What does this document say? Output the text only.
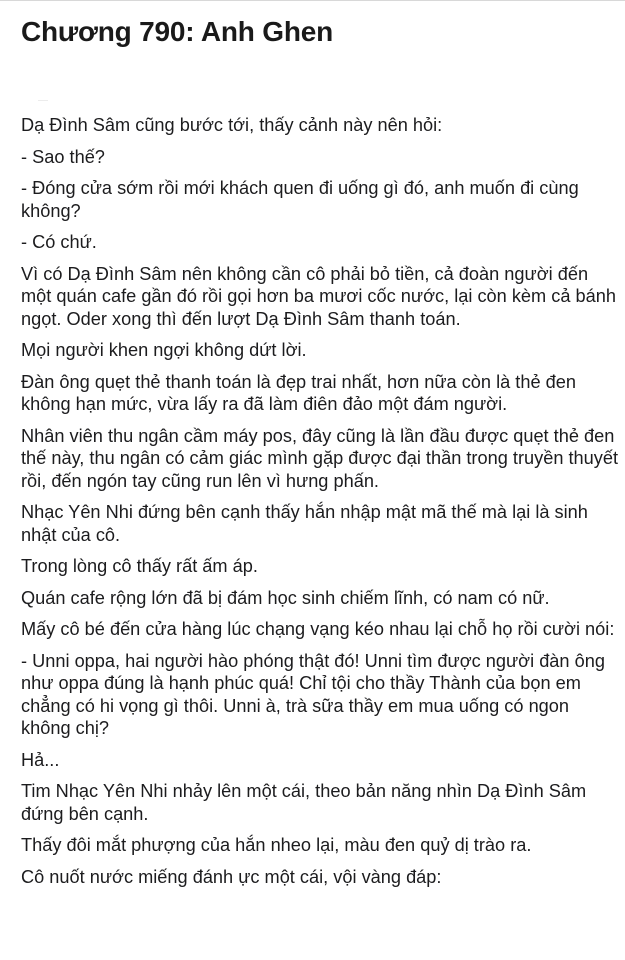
Chương 790: Anh Ghen

Dạ Đình Sâm cũng bước tới, thấy cảnh này nên hỏi:

- Sao thế?

- Đóng cửa sớm rồi mới khách quen đi uống gì đó, anh muốn đi cùng không?

- Có chứ.

Vì có Dạ Đình Sâm nên không cần cô phải bỏ tiền, cả đoàn người đến một quán cafe gần đó rồi gọi hơn ba mươi cốc nước, lại còn kèm cả bánh ngọt. Oder xong thì đến lượt Dạ Đình Sâm thanh toán.

Mọi người khen ngợi không dứt lời.

Đàn ông quẹt thẻ thanh toán là đẹp trai nhất, hơn nữa còn là thẻ đen không hạn mức, vừa lấy ra đã làm điên đảo một đám người.

Nhân viên thu ngân cầm máy pos, đây cũng là lần đầu được quẹt thẻ đen thế này, thu ngân có cảm giác mình gặp được đại thần trong truyền thuyết rồi, đến ngón tay cũng run lên vì hưng phấn.

Nhạc Yên Nhi đứng bên cạnh thấy hắn nhập mật mã thế mà lại là sinh nhật của cô.

Trong lòng cô thấy rất ấm áp.

Quán cafe rộng lớn đã bị đám học sinh chiếm lĩnh, có nam có nữ.

Mấy cô bé đến cửa hàng lúc chạng vạng kéo nhau lại chỗ họ rồi cười nói:

- Unni oppa, hai người hào phóng thật đó! Unni tìm được người đàn ông như oppa đúng là hạnh phúc quá! Chỉ tội cho thầy Thành của bọn em chẳng có hi vọng gì thôi. Unni à, trà sữa thầy em mua uống có ngon không chị?

Hả...

Tim Nhạc Yên Nhi nhảy lên một cái, theo bản năng nhìn Dạ Đình Sâm đứng bên cạnh.

Thấy đôi mắt phượng của hắn nheo lại, màu đen quỷ dị trào ra.

Cô nuốt nước miếng đánh ực một cái, vội vàng đáp:
